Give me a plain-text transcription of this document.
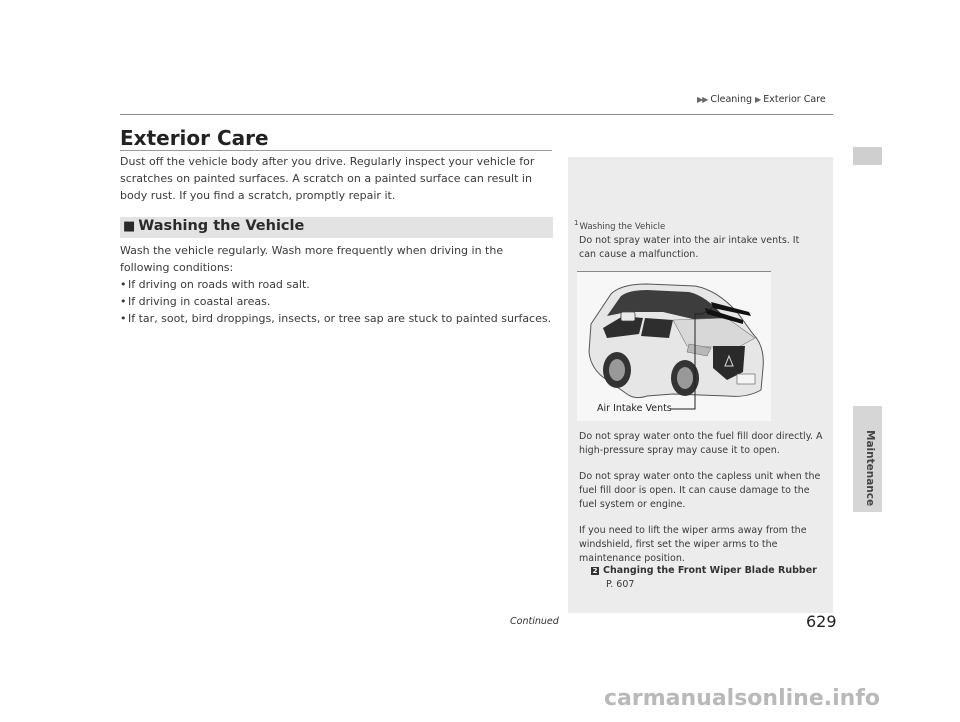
▶▶ Cleaning ▶ Exterior Care
Exterior Care
Dust off the vehicle body after you drive. Regularly inspect your vehicle for scratches on painted surfaces. A scratch on a painted surface can result in body rust. If you find a scratch, promptly repair it.
■ Washing the Vehicle
Wash the vehicle regularly. Wash more frequently when driving in the following conditions:
• If driving on roads with road salt.
• If driving in coastal areas.
• If tar, soot, bird droppings, insects, or tree sap are stuck to painted surfaces.
$^1$Washing the Vehicle
Do not spray water into the air intake vents. It can cause a malfunction.
Air Intake Vents
Do not spray water onto the fuel fill door directly. A high-pressure spray may cause it to open.
Do not spray water onto the capless unit when the fuel fill door is open. It can cause damage to the fuel system or engine.
If you need to lift the wiper arms away from the windshield, first set the wiper arms to the maintenance position.
2 Changing the Front Wiper Blade Rubber
P. 607
Maintenance
Continued	629
carmanualsonline.info
